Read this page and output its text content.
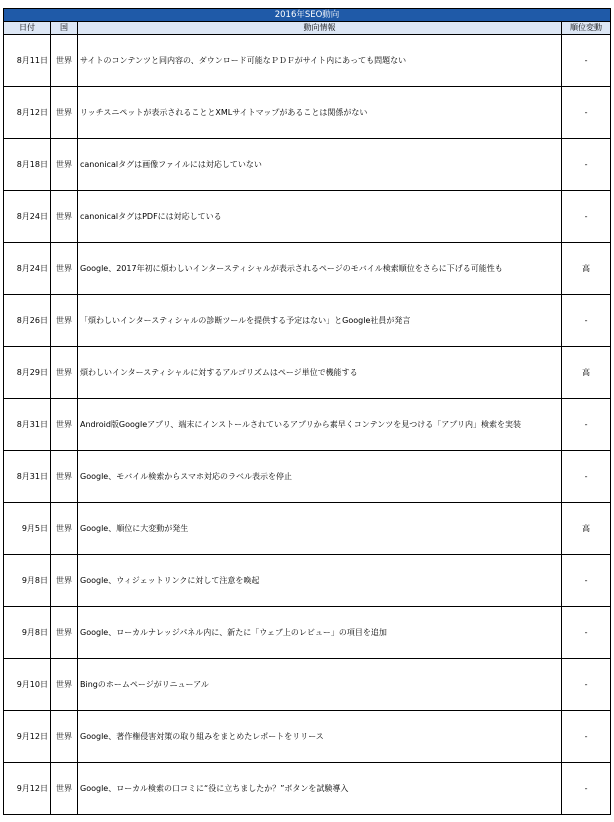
2016年SEO動向			
日付	国	動向情報	順位変動
8月11日	世界	サイトのコンテンツと同内容の、ダウンロード可能なＰＤＦがサイト内にあっても問題ない	-
8月12日	世界	リッチスニペットが表示されることとXMLサイトマップがあることは関係がない	-
8月18日	世界	canonicalタグは画像ファイルには対応していない	-
8月24日	世界	canonicalタグはPDFには対応している	-
8月24日	世界	Google、2017年初に煩わしいインタースティシャルが表示されるページのモバイル検索順位をさらに下げる可能性も	高
8月26日	世界	「煩わしいインタースティシャルの診断ツールを提供する予定はない」とGoogle社員が発言	-
8月29日	世界	煩わしいインタースティシャルに対するアルゴリズムはページ単位で機能する	高
8月31日	世界	Android版Googleアプリ、端末にインストールされているアプリから素早くコンテンツを見つける「アプリ内」検索を実装	-
8月31日	世界	Google、モバイル検索からスマホ対応のラベル表示を停止	-
9月5日	世界	Google、順位に大変動が発生	高
9月8日	世界	Google、ウィジェットリンクに対して注意を喚起	-
9月8日	世界	Google、ローカルナレッジパネル内に、新たに「ウェブ上のレビュー」の項目を追加	-
9月10日	世界	Bingのホームページがリニューアル	-
9月12日	世界	Google、著作権侵害対策の取り組みをまとめたレポートをリリース	-
9月12日	世界	Google、ローカル検索の口コミに“役に立ちましたか？”ボタンを試験導入	-
